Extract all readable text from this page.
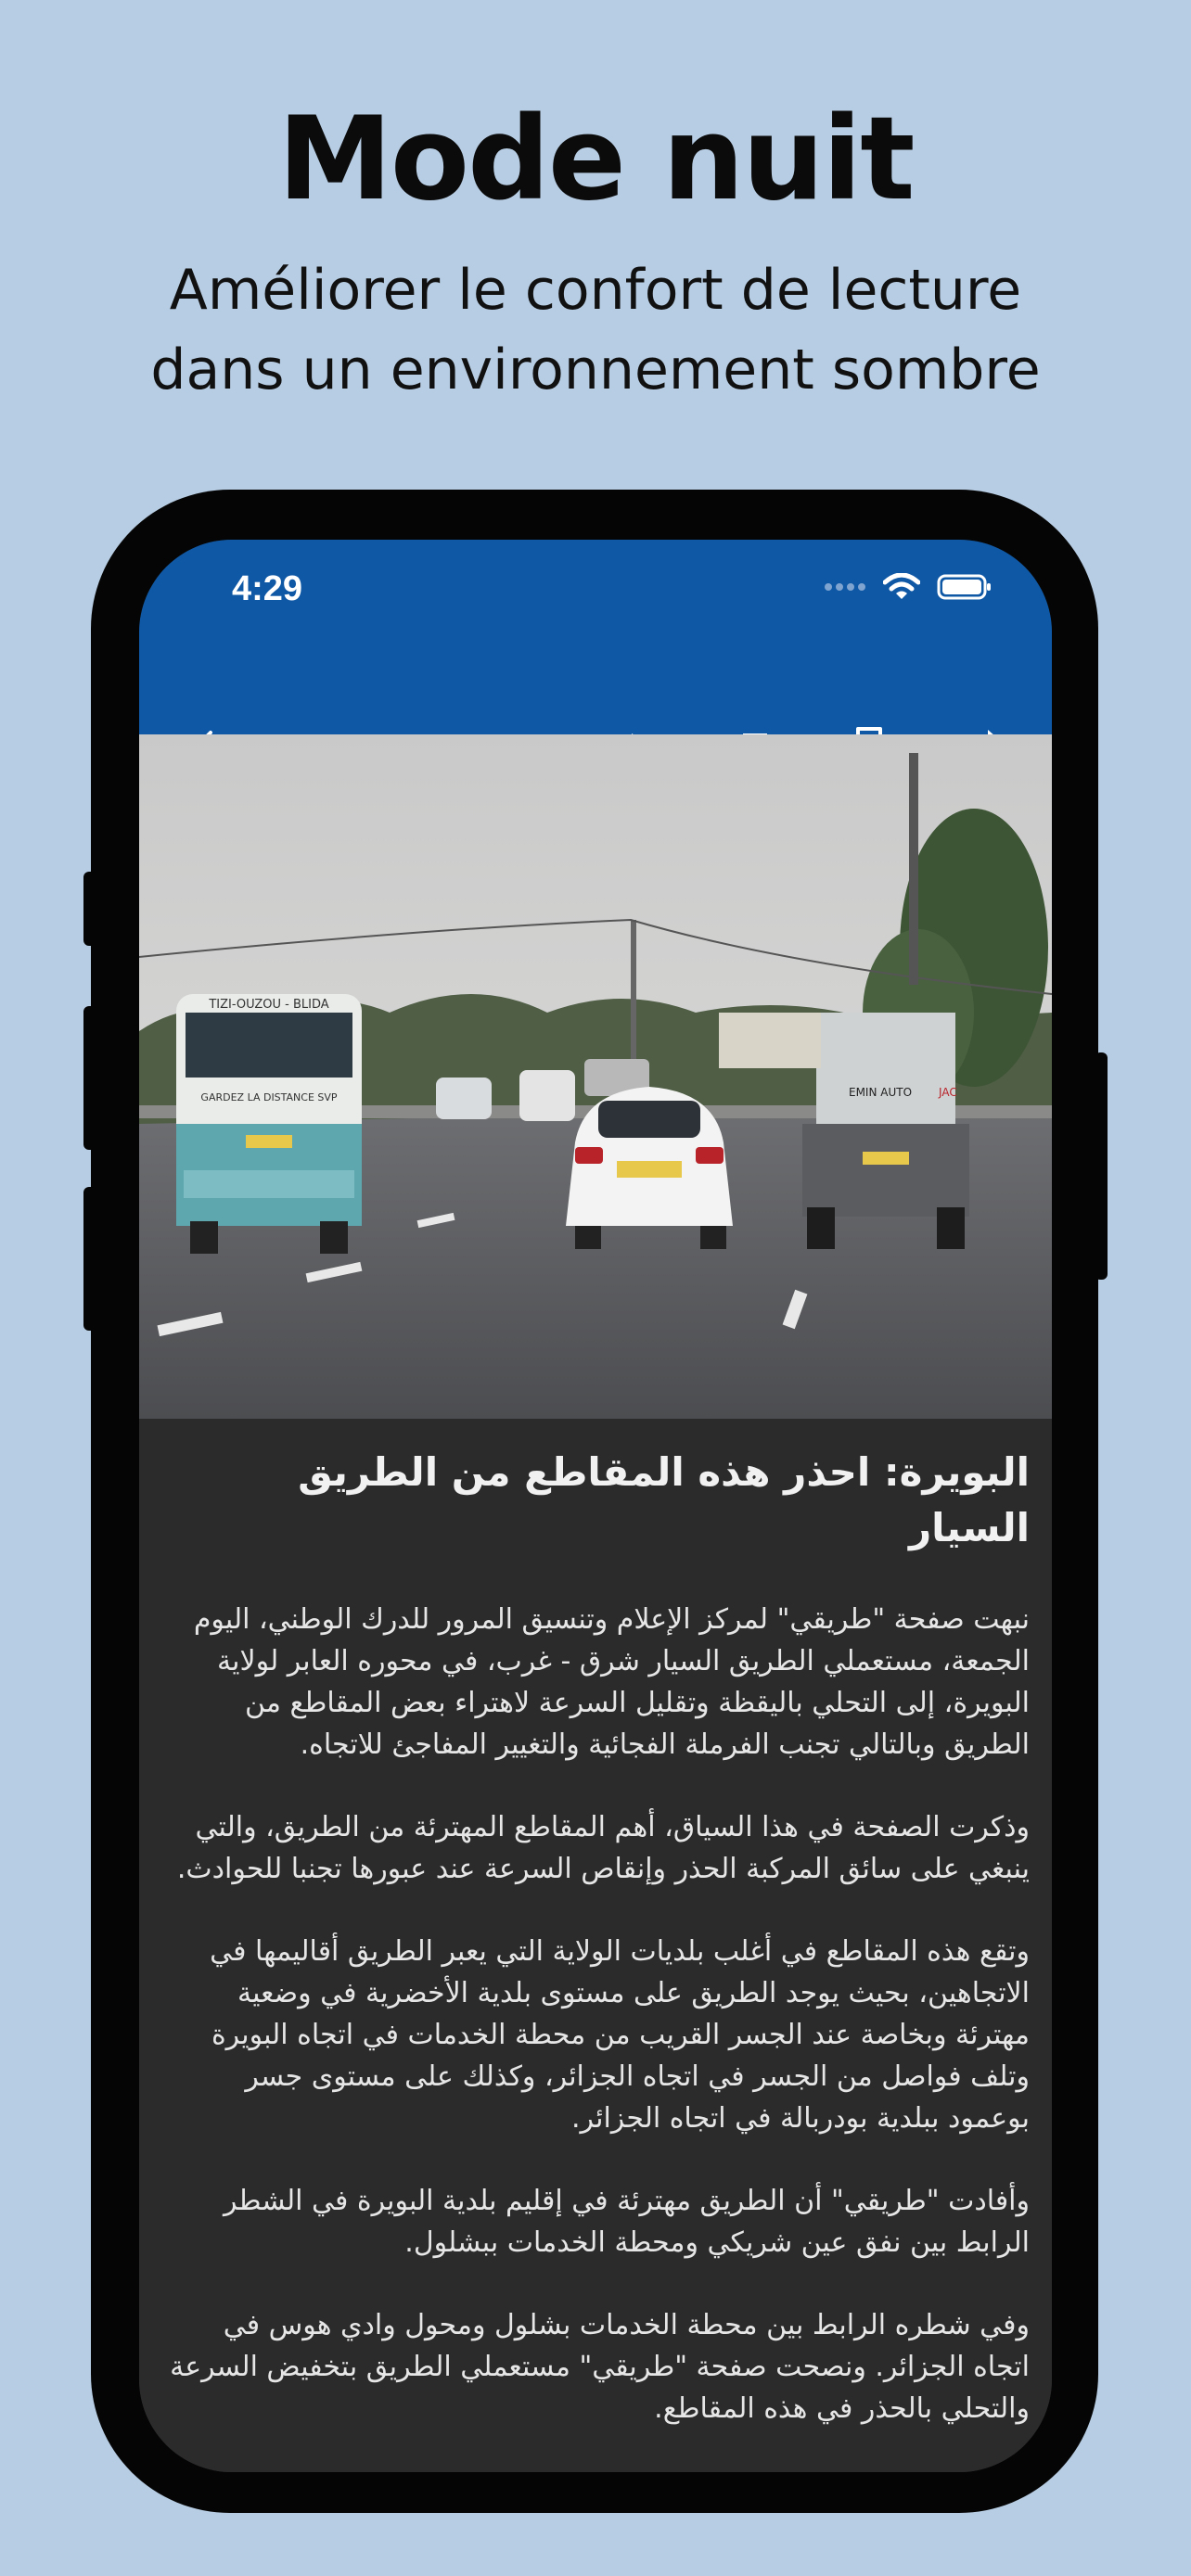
Mode nuit
Améliorer le confort de lecture
dans un environnement sombre
4:29
TIZI-OUZOU - BLIDA
GARDEZ LA DISTANCE SVP	EMIN AUTO JAC
البويرة: احذر هذه المقاطع من الطريق السيار

نبهت صفحة "طريقي" لمركز الإعلام وتنسيق المرور للدرك الوطني، اليوم الجمعة، مستعملي الطريق السيار شرق - غرب، في محوره العابر لولاية البويرة، إلى التحلي باليقظة وتقليل السرعة لاهتراء بعض المقاطع من الطريق وبالتالي تجنب الفرملة الفجائية والتغيير المفاجئ للاتجاه.

وذكرت الصفحة في هذا السياق، أهم المقاطع المهترئة من الطريق، والتي ينبغي على سائق المركبة الحذر وإنقاص السرعة عند عبورها تجنبا للحوادث.

وتقع هذه المقاطع في أغلب بلديات الولاية التي يعبر الطريق أقاليمها في الاتجاهين، بحيث يوجد الطريق على مستوى بلدية الأخضرية في وضعية مهترئة وبخاصة عند الجسر القريب من محطة الخدمات في اتجاه البويرة وتلف فواصل من الجسر في اتجاه الجزائر، وكذلك على مستوى جسر بوعمود ببلدية بودربالة في اتجاه الجزائر.

وأفادت "طريقي" أن الطريق مهترئة في إقليم بلدية البويرة في الشطر الرابط بين نفق عين شريكي ومحطة الخدمات ببشلول.

وفي شطره الرابط بين محطة الخدمات بشلول ومحول وادي هوس في اتجاه الجزائر. ونصحت صفحة "طريقي" مستعملي الطريق بتخفيض السرعة والتحلي بالحذر في هذه المقاطع.
